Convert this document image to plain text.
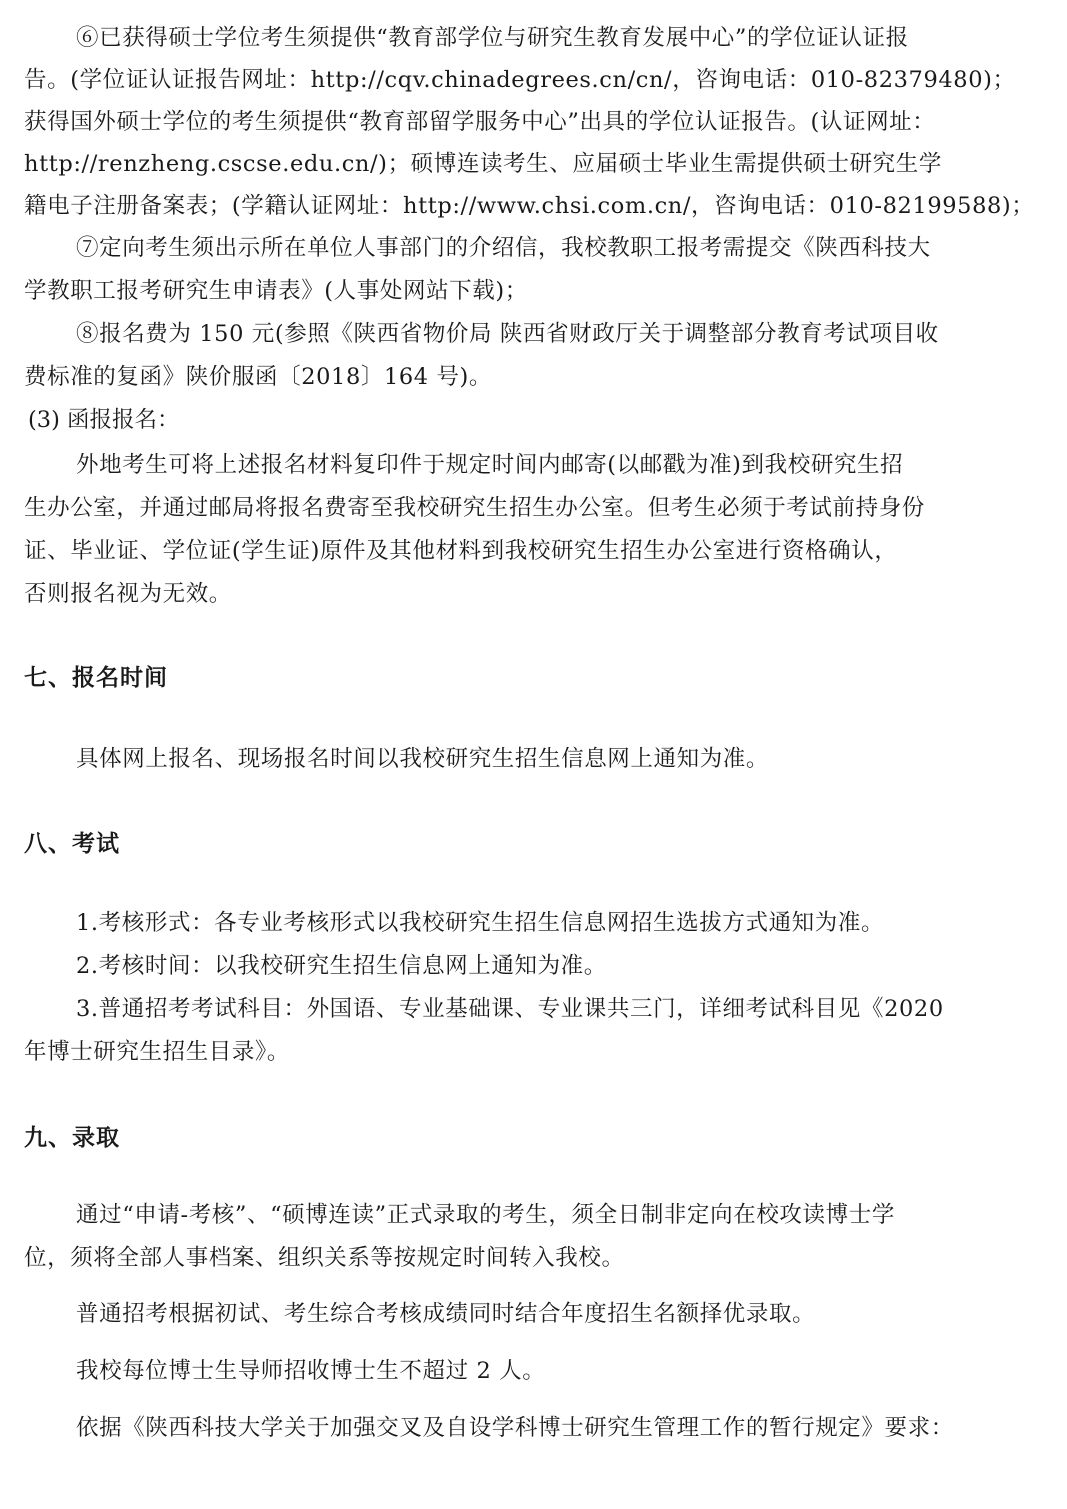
⑥已获得硕士学位考生须提供“教育部学位与研究生教育发展中心”的学位证认证报
告。(学位证认证报告网址：http://cqv.chinadegrees.cn/cn/，咨询电话：010-82379480)；
获得国外硕士学位的考生须提供“教育部留学服务中心”出具的学位认证报告。(认证网址：
http://renzheng.cscse.edu.cn/)；硕博连读考生、应届硕士毕业生需提供硕士研究生学
籍电子注册备案表；(学籍认证网址：http://www.chsi.com.cn/，咨询电话：010-82199588)；
⑦定向考生须出示所在单位人事部门的介绍信，我校教职工报考需提交《陕西科技大
学教职工报考研究生申请表》(人事处网站下载)；
⑧报名费为 150 元(参照《陕西省物价局 陕西省财政厅关于调整部分教育考试项目收
费标准的复函》陕价服函〔2018〕164 号)。
(3) 函报报名：
外地考生可将上述报名材料复印件于规定时间内邮寄(以邮戳为准)到我校研究生招
生办公室，并通过邮局将报名费寄至我校研究生招生办公室。但考生必须于考试前持身份
证、毕业证、学位证(学生证)原件及其他材料到我校研究生招生办公室进行资格确认，
否则报名视为无效。
七、报名时间
具体网上报名、现场报名时间以我校研究生招生信息网上通知为准。
八、考试
1.考核形式：各专业考核形式以我校研究生招生信息网招生选拔方式通知为准。
2.考核时间：以我校研究生招生信息网上通知为准。
3.普通招考考试科目：外国语、专业基础课、专业课共三门，详细考试科目见《2020
年博士研究生招生目录》。
九、录取
通过“申请-考核”、“硕博连读”正式录取的考生，须全日制非定向在校攻读博士学
位，须将全部人事档案、组织关系等按规定时间转入我校。
普通招考根据初试、考生综合考核成绩同时结合年度招生名额择优录取。
我校每位博士生导师招收博士生不超过 2 人。
依据《陕西科技大学关于加强交叉及自设学科博士研究生管理工作的暂行规定》要求：
